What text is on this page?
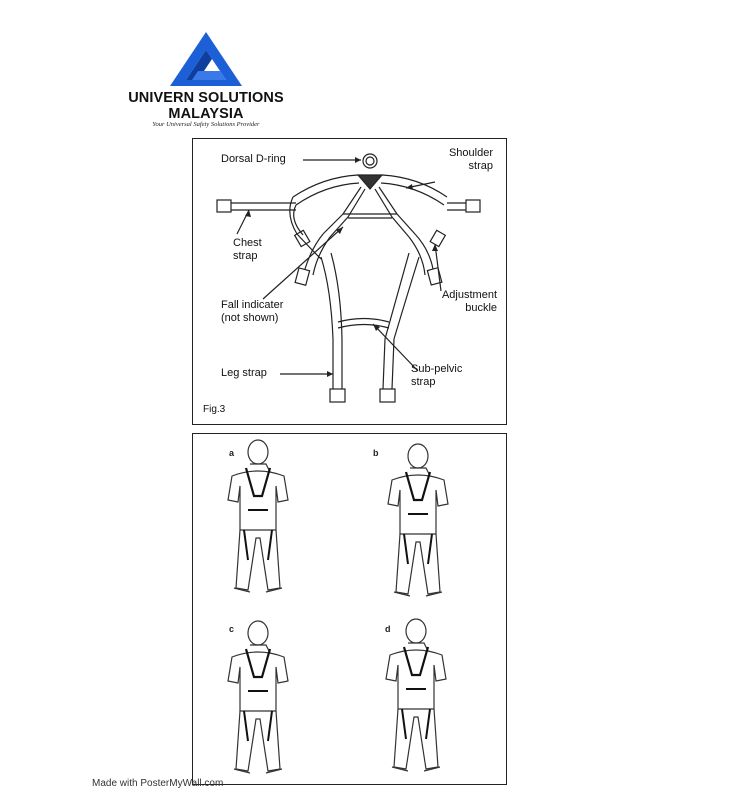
UNIVERN SOLUTIONS
MALAYSIA
Your Universal Safety Solutions Provider
Dorsal D-ring	Shoulder
strap
Chest
strap
Fall indicater
(not shown)
Adjustment
buckle
Sub-pelvic
strap
Leg strap
Fig.3
a	b
c	d
Made with PosterMyWall.com
